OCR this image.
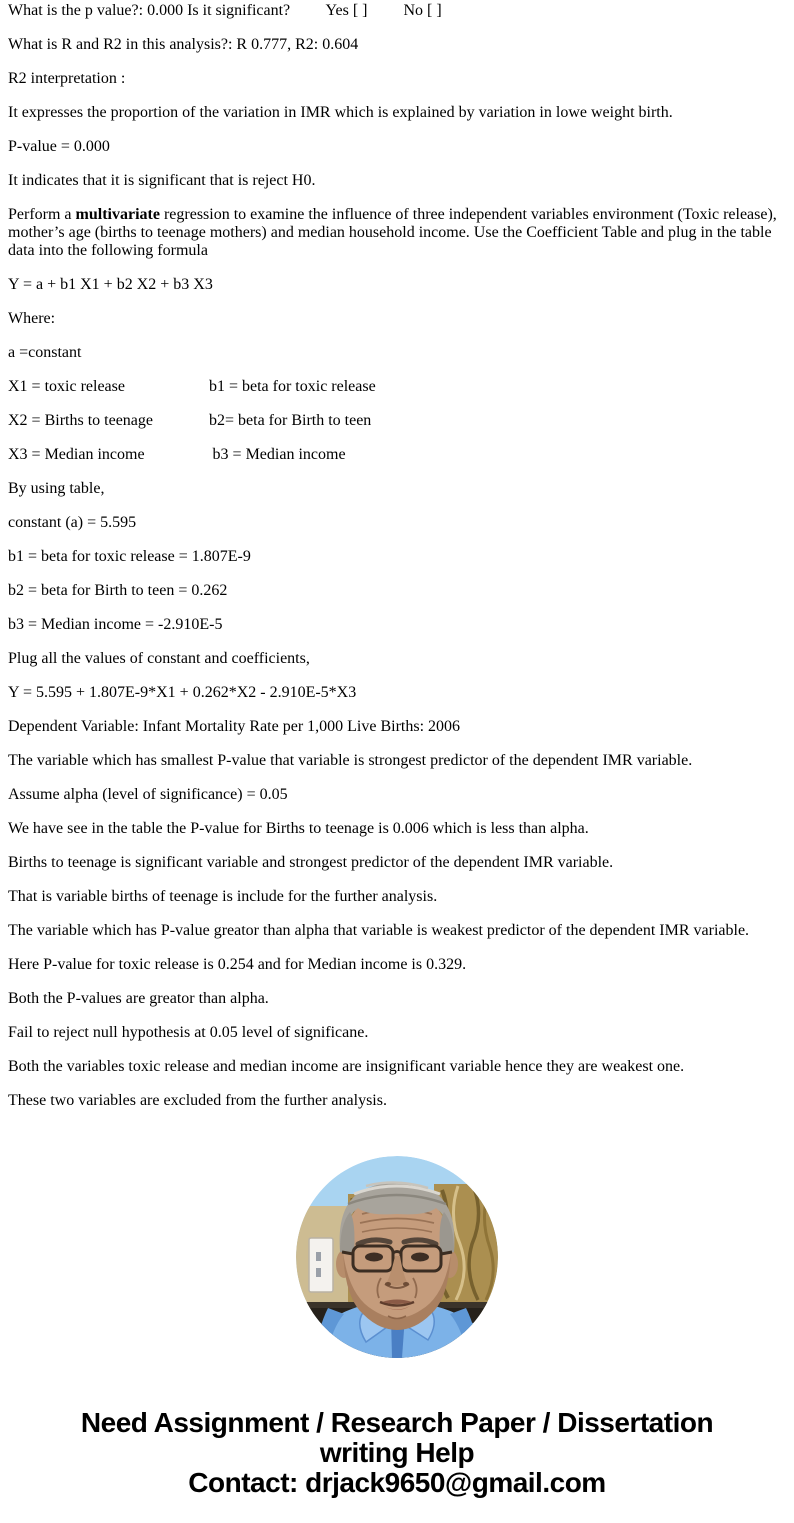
What is the p value?: 0.000 Is it significant?         Yes [ ]         No [ ]

What is R and R2 in this analysis?: R 0.777, R2: 0.604

R2 interpretation :

It expresses the proportion of the variation in IMR which is explained by variation in lowe weight birth.

P-value = 0.000

It indicates that it is significant that is reject H0.

Perform a multivariate regression to examine the influence of three independent variables environment (Toxic release), mother’s age (births to teenage mothers) and median household income. Use the Coefficient Table and plug in the table data into the following formula

Y = a + b1 X1 + b2 X2 + b3 X3

Where:

a =constant

X1 = toxic release                     b1 = beta for toxic release

X2 = Births to teenage              b2= beta for Birth to teen

X3 = Median income                 b3 = Median income

By using table,

constant (a) = 5.595

b1 = beta for toxic release = 1.807E-9

b2 = beta for Birth to teen = 0.262

b3 = Median income = -2.910E-5

Plug all the values of constant and coefficients,

Y = 5.595 + 1.807E-9*X1 + 0.262*X2 - 2.910E-5*X3

Dependent Variable: Infant Mortality Rate per 1,000 Live Births: 2006

The variable which has smallest P-value that variable is strongest predictor of the dependent IMR variable.

Assume alpha (level of significance) = 0.05

We have see in the table the P-value for Births to teenage is 0.006 which is less than alpha.

Births to teenage is significant variable and strongest predictor of the dependent IMR variable.

That is variable births of teenage is include for the further analysis.

The variable which has P-value greator than alpha that variable is weakest predictor of the dependent IMR variable.

Here P-value for toxic release is 0.254 and for Median income is 0.329.

Both the P-values are greator than alpha.

Fail to reject null hypothesis at 0.05 level of significane.

Both the variables toxic release and median income are insignificant variable hence they are weakest one.

These two variables are excluded from the further analysis.

Need Assignment / Research Paper / Dissertation
writing Help
Contact: drjack9650@gmail.com
